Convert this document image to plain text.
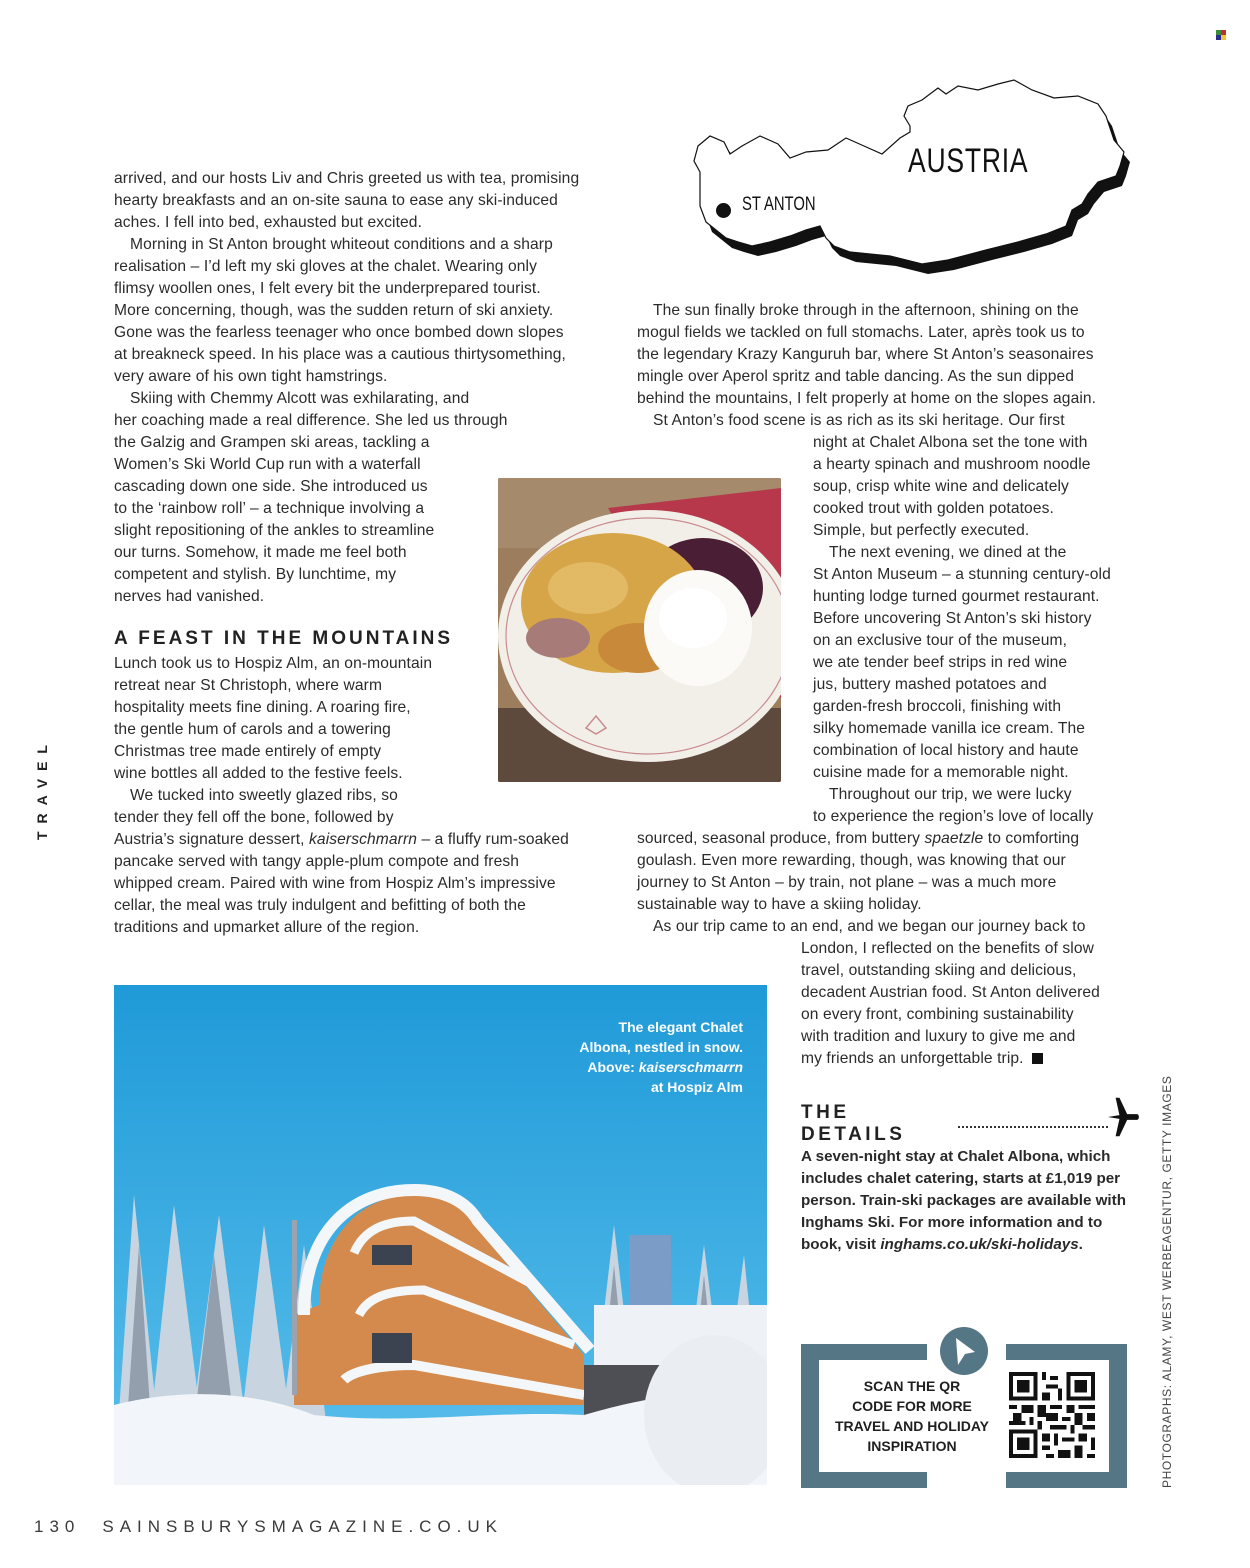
TRAVEL
ST ANTON
AUSTRIA
arrived, and our hosts Liv and Chris greeted us with tea, promising
hearty breakfasts and an on-site sauna to ease any ski-induced
aches. I fell into bed, exhausted but excited.
Morning in St Anton brought whiteout conditions and a sharp
realisation – I’d left my ski gloves at the chalet. Wearing only
flimsy woollen ones, I felt every bit the underprepared tourist.
More concerning, though, was the sudden return of ski anxiety.
Gone was the fearless teenager who once bombed down slopes
at breakneck speed. In his place was a cautious thirtysomething,
very aware of his own tight hamstrings.
Skiing with Chemmy Alcott was exhilarating, and
her coaching made a real difference. She led us through
the Galzig and Grampen ski areas, tackling a
Women’s Ski World Cup run with a waterfall
cascading down one side. She introduced us
to the ‘rainbow roll’ – a technique involving a
slight repositioning of the ankles to streamline
our turns. Somehow, it made me feel both
competent and stylish. By lunchtime, my
nerves had vanished.
A FEAST IN THE MOUNTAINS
Lunch took us to Hospiz Alm, an on-mountain
retreat near St Christoph, where warm
hospitality meets fine dining. A roaring fire,
the gentle hum of carols and a towering
Christmas tree made entirely of empty
wine bottles all added to the festive feels.
We tucked into sweetly glazed ribs, so
tender they fell off the bone, followed by
Austria’s signature dessert, kaiserschmarrn – a fluffy rum-soaked
pancake served with tangy apple-plum compote and fresh
whipped cream. Paired with wine from Hospiz Alm’s impressive
cellar, the meal was truly indulgent and befitting of both the
traditions and upmarket allure of the region.
The sun finally broke through in the afternoon, shining on the
mogul fields we tackled on full stomachs. Later, après took us to
the legendary Krazy Kanguruh bar, where St Anton’s seasonaires
mingle over Aperol spritz and table dancing. As the sun dipped
behind the mountains, I felt properly at home on the slopes again.
St Anton’s food scene is as rich as its ski heritage. Our first
night at Chalet Albona set the tone with
a hearty spinach and mushroom noodle
soup, crisp white wine and delicately
cooked trout with golden potatoes.
Simple, but perfectly executed.
The next evening, we dined at the
St Anton Museum – a stunning century-old
hunting lodge turned gourmet restaurant.
Before uncovering St Anton’s ski history
on an exclusive tour of the museum,
we ate tender beef strips in red wine
jus, buttery mashed potatoes and
garden-fresh broccoli, finishing with
silky homemade vanilla ice cream. The
combination of local history and haute
cuisine made for a memorable night.
Throughout our trip, we were lucky
to experience the region’s love of locally
sourced, seasonal produce, from buttery spaetzle to comforting
goulash. Even more rewarding, though, was knowing that our
journey to St Anton – by train, not plane – was a much more
sustainable way to have a skiing holiday.
As our trip came to an end, and we began our journey back to
London, I reflected on the benefits of slow
travel, outstanding skiing and delicious,
decadent Austrian food. St Anton delivered
on every front, combining sustainability
with tradition and luxury to give me and
my friends an unforgettable trip.
The elegant Chalet
Albona, nestled in snow.
Above: kaiserschmarrn
at Hospiz Alm
THE DETAILS
A seven-night stay at Chalet Albona, which
includes chalet catering, starts at £1,019 per
person. Train-ski packages are available with
Inghams Ski. For more information and to
book, visit inghams.co.uk/ski-holidays.
SCAN THE QR
CODE FOR MORE
TRAVEL AND HOLIDAY
INSPIRATION	PHOTOGRAPHS: ALAMY, WEST WERBEAGENTUR, GETTY IMAGES
130 SAINSBURYSMAGAZINE.CO.UK
